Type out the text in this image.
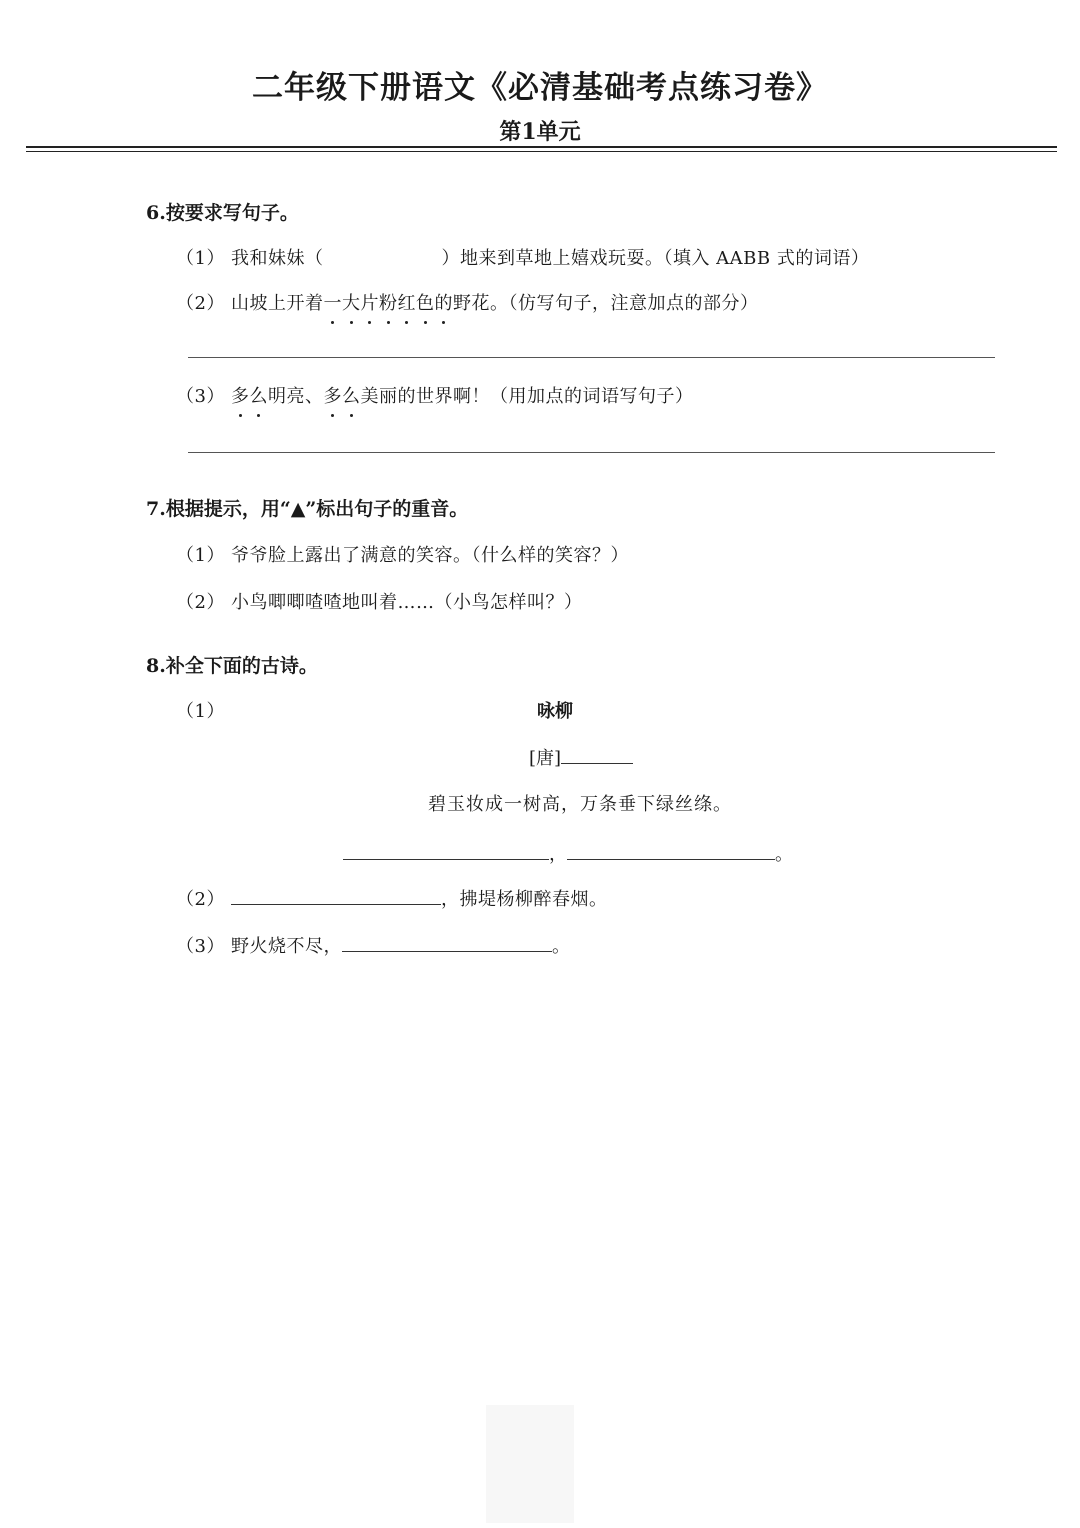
二年级下册语文《必清基础考点练习卷》
第1单元
6.按要求写句子。
（1） 我和妹妹（	）地来到草地上嬉戏玩耍。（填入 AABB 式的词语）
（2） 山坡上开着一大片粉红色的野花。（仿写句子，注意加点的部分）
（3） 多么明亮、多么美丽的世界啊！（用加点的词语写句子）
7.根据提示，用“▲”标出句子的重音。
（1） 爷爷脸上露出了满意的笑容。（什么样的笑容？）
（2） 小鸟唧唧喳喳地叫着……（小鸟怎样叫？）
8.补全下面的古诗。
（1）	咏柳
[唐]
碧玉妆成一树高，万条垂下绿丝绦。
，	。
（2）	，拂堤杨柳醉春烟。
（3） 野火烧不尽，	。
